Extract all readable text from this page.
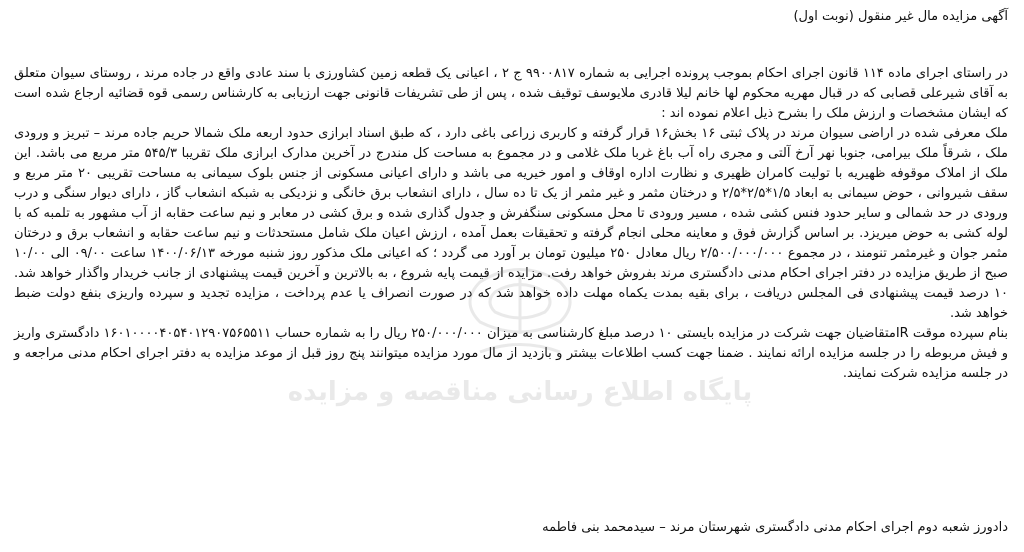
آگهی مزایده مال غیر منقول (نوبت اول)

در راستای اجرای ماده ۱۱۴ قانون اجرای احکام بموجب پرونده اجرایی به شماره ۹۹۰۰۸۱۷ ج ۲ ، اعیانی یک قطعه زمین کشاورزی با سند عادی واقع در جاده مرند ، روستای سیوان متعلق به آقای شیرعلی قصابی که در قبال مهریه محکوم لها خانم لیلا قادری ملایوسف توقیف شده ، پس از طی تشریفات قانونی جهت ارزیابی به کارشناس رسمی قوه قضائیه ارجاع شده است که ایشان مشخصات و ارزش ملک را بشرح ذیل اعلام نموده اند :

ملک معرفی شده در اراضی سیوان مرند در پلاک ثبتی ۱۶ بخش۱۶ قرار گرفته و کاربری زراعی باغی دارد ، که طبق اسناد ابرازی حدود اربعه ملک شمالا حریم جاده مرند – تبریز و ورودی ملک ، شرقاً ملک بیرامی، جنوبا نهر آرخ آلتی و مجری راه آب باغ غربا ملک غلامی و در مجموع به مساحت کل مندرج در آخرین مدارک ابرازی ملک تقریبا ۵۴۵/۳ متر مربع می باشد. این ملک از املاک موقوفه ظهیریه با تولیت کامران ظهیری و نظارت اداره اوقاف و امور خیریه می باشد و دارای اعیانی مسکونی از جنس بلوک سیمانی به مساحت تقریبی ۲۰ متر مربع و سقف شیروانی ، حوض سیمانی به ابعاد ۱/۵*۲/۵*۲/۵ و درختان مثمر و غیر مثمر از یک تا ده سال ، دارای انشعاب برق خانگی و نزدیکی به شبکه انشعاب گاز ، دارای دیوار سنگی و درب ورودی در حد شمالی و سایر حدود فنس کشی شده ، مسیر ورودی تا محل مسکونی سنگفرش و جدول گذاری شده و برق کشی در معابر و نیم ساعت حقابه از آب مشهور به تلمبه که با لوله کشی به حوض میریزد. بر اساس گزارش فوق و معاینه محلی انجام گرفته و تحقیقات بعمل آمده ، ارزش اعیان ملک شامل مستحدثات و نیم ساعت حقابه و انشعاب برق و درختان مثمر جوان و غیرمثمر تنومند ، در مجموع ۲/۵۰۰/۰۰۰/۰۰۰ ریال معادل ۲۵۰ میلیون تومان بر آورد می گردد ؛ که اعیانی ملک مذکور روز شنبه مورخه ۱۴۰۰/۰۶/۱۳ ساعت ۰۹/۰۰ الی ۱۰/۰۰ صبح از طریق مزایده در دفتر اجرای احکام مدنی دادگستری مرند بفروش خواهد رفت. مزایده از قیمت پایه شروع ، به بالاترین و آخرین قیمت پیشنهادی از جانب خریدار واگذار خواهد شد. ۱۰ درصد قیمت پیشنهادی فی المجلس دریافت ، برای بقیه بمدت یکماه مهلت داده خواهد شد که در صورت انصراف یا عدم پرداخت ، مزایده تجدید و سپرده واریزی بنفع دولت ضبط خواهد شد.

بنام سپرده موقت IRمتقاضیان جهت شرکت در مزایده بایستی ۱۰ درصد مبلغ کارشناسی به میزان ۲۵۰/۰۰۰/۰۰۰ ریال را به شماره حساب ۱۶۰۱۰۰۰۰۴۰۵۴۰۱۲۹۰۷۵۶۵۵۱۱ دادگستری واریز و فیش مربوطه را در جلسه مزایده ارائه نمایند . ضمنا جهت کسب اطلاعات بیشتر و بازدید از مال مورد مزایده میتوانند پنج روز قبل از موعد مزایده به دفتر اجرای احکام مدنی مراجعه و در جلسه مزایده شرکت نمایند.

دادورز شعبه دوم اجرای احکام مدنی دادگستری شهرستان مرند – سیدمحمد بنی فاطمه
پایگاه اطلاع رسانی مناقصه و مزایده
